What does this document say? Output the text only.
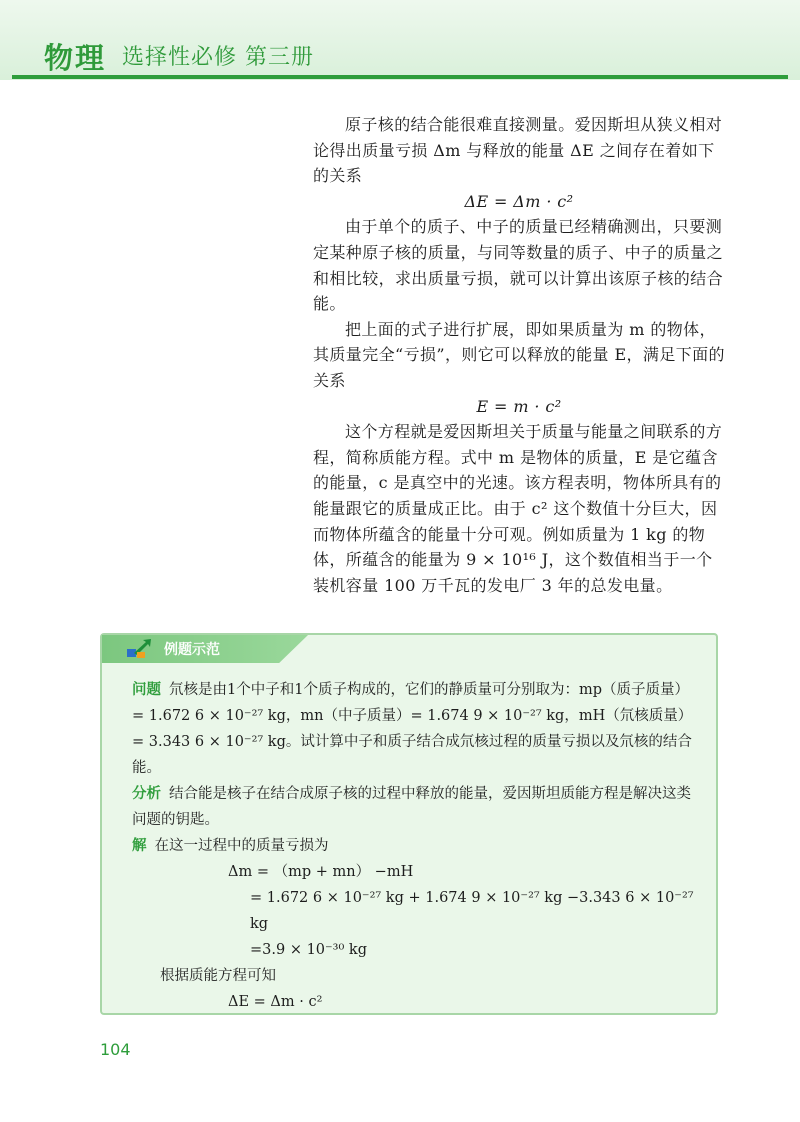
物理 选择性必修 第三册

原子核的结合能很难直接测量。爱因斯坦从狭义相对论得出质量亏损 Δm 与释放的能量 ΔE 之间存在着如下的关系

ΔE = Δm · c²

由于单个的质子、中子的质量已经精确测出，只要测定某种原子核的质量，与同等数量的质子、中子的质量之和相比较，求出质量亏损，就可以计算出该原子核的结合能。

把上面的式子进行扩展，即如果质量为 m 的物体，其质量完全“亏损”，则它可以释放的能量 E，满足下面的关系

E = m · c²

这个方程就是爱因斯坦关于质量与能量之间联系的方程，简称质能方程。式中 m 是物体的质量，E 是它蕴含的能量，c 是真空中的光速。该方程表明，物体所具有的能量跟它的质量成正比。由于 c² 这个数值十分巨大，因而物体所蕴含的能量十分可观。例如质量为 1 kg 的物体，所蕴含的能量为 9 × 10¹⁶ J，这个数值相当于一个装机容量 100 万千瓦的发电厂 3 年的总发电量。

例题示范

问题 氘核是由1个中子和1个质子构成的，它们的静质量可分别取为：mp（质子质量）= 1.672 6 × 10⁻²⁷ kg，mn（中子质量）= 1.674 9 × 10⁻²⁷ kg，mH（氘核质量）= 3.343 6 × 10⁻²⁷ kg。试计算中子和质子结合成氘核过程的质量亏损以及氘核的结合能。

分析 结合能是核子在结合成原子核的过程中释放的能量，爱因斯坦质能方程是解决这类问题的钥匙。

解 在这一过程中的质量亏损为

Δm = （mp + mn） −mH

= 1.672 6 × 10⁻²⁷ kg + 1.674 9 × 10⁻²⁷ kg −3.343 6 × 10⁻²⁷ kg

=3.9 × 10⁻³⁰ kg

根据质能方程可知

ΔE = Δm · c²

104
